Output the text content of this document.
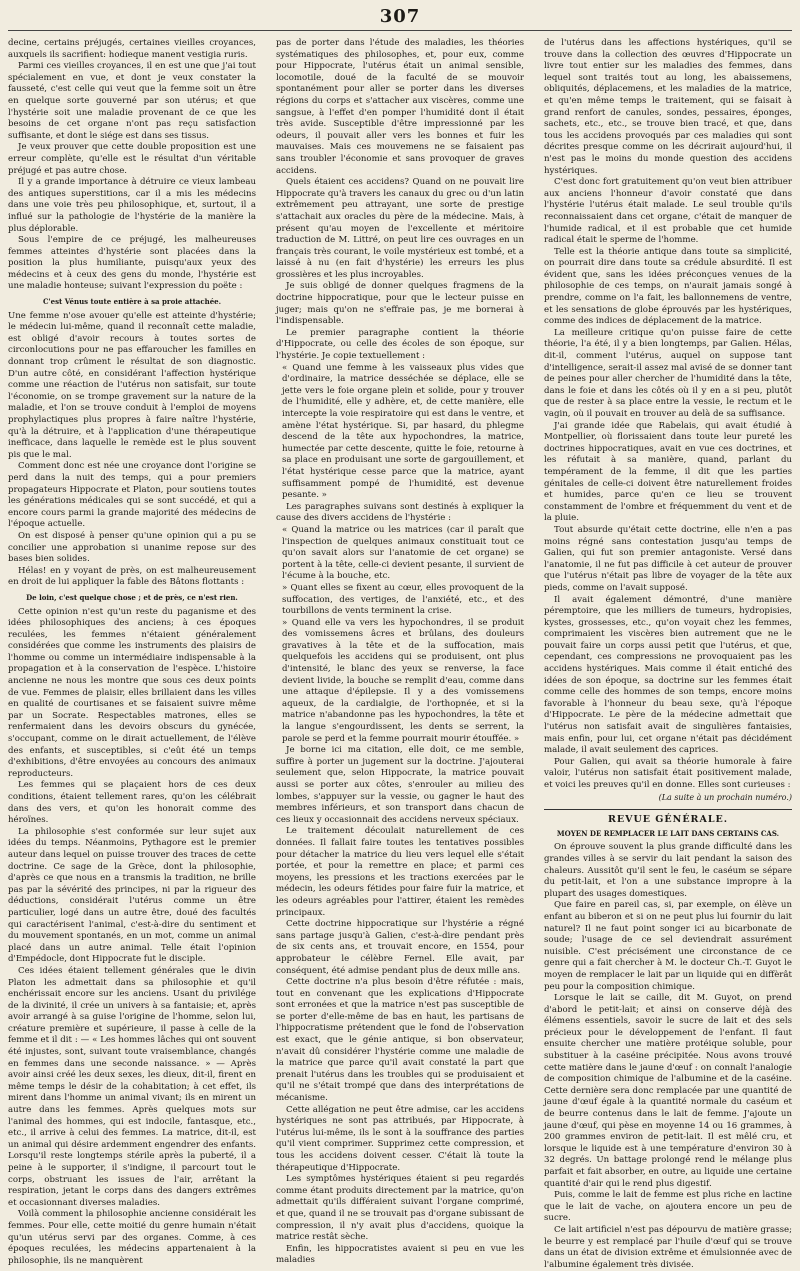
307

decine, certains préjugés, certaines vieilles croyances, auxquels ils sacrifient: hodieque manent vestigia ruris.

Parmi ces vieilles croyances, il en est une que j'ai tout spécialement en vue, et dont je veux constater la fausseté, c'est celle qui veut que la femme soit un être en quelque sorte gouverné par son utérus; et que l'hystérie soit une maladie provenant de ce que les besoins de cet organe n'ont pas reçu satisfaction suffisante, et dont le siége est dans ses tissus.

Je veux prouver que cette double proposition est une erreur complète, qu'elle est le résultat d'un véritable préjugé et pas autre chose.

Il y a grande importance à détruire ce vieux lambeau des antiques superstitions, car il a mis les médecins dans une voie très peu philosophique, et, surtout, il a influé sur la pathologie de l'hystérie de la manière la plus déplorable.

Sous l'empire de ce préjugé, les malheureuses femmes atteintes d'hystérie sont placées dans la position la plus humiliante, puisqu'aux yeux des médecins et à ceux des gens du monde, l'hystérie est une maladie honteuse; suivant l'expression du poëte :

C'est Vénus toute entière à sa proie attachée.

Une femme n'ose avouer qu'elle est atteinte d'hystérie; le médecin lui-même, quand il reconnaît cette maladie, est obligé d'avoir recours à toutes sortes de circonlocutions pour ne pas effaroucher les familles en donnant trop crûment le résultat de son diagnostic. D'un autre côté, en considérant l'affection hystérique comme une réaction de l'utérus non satisfait, sur toute l'économie, on se trompe gravement sur la nature de la maladie, et l'on se trouve conduit à l'emploi de moyens prophylactiques plus propres à faire naître l'hystérie, qu'à la détruire, et à l'application d'une thérapeutique inefficace, dans laquelle le remède est le plus souvent pis que le mal.

Comment donc est née une croyance dont l'origine se perd dans la nuit des temps, qui a pour premiers propagateurs Hippocrate et Platon, pour soutiens toutes les générations médicales qui se sont succédé, et qui a encore cours parmi la grande majorité des médecins de l'époque actuelle.

On est disposé à penser qu'une opinion qui a pu se concilier une approbation si unanime repose sur des bases bien solides.

Hélas! en y voyant de près, on est malheureusement en droit de lui appliquer la fable des Bâtons flottants :

De loin, c'est quelque chose ; et de près, ce n'est rien.

Cette opinion n'est qu'un reste du paganisme et des idées philosophiques des anciens; à ces époques reculées, les femmes n'étaient généralement considérées que comme les instruments des plaisirs de l'homme ou comme un intermédiaire indispensable à la propagation et à la conservation de l'espèce. L'histoire ancienne ne nous les montre que sous ces deux points de vue. Femmes de plaisir, elles brillaient dans les villes en qualité de courtisanes et se faisaient suivre même par un Socrate. Respectables matrones, elles se renfermaient dans les devoirs obscurs du gynécée, s'occupant, comme on le dirait actuellement, de l'élève des enfants, et susceptibles, si c'eût été un temps d'exhibitions, d'être envoyées au concours des animaux reproducteurs.

Les femmes qui se plaçaient hors de ces deux conditions, étaient tellement rares, qu'on les célébrait dans des vers, et qu'on les honorait comme des héroïnes.

La philosophie s'est conformée sur leur sujet aux idées du temps. Néanmoins, Pythagore est le premier auteur dans lequel on puisse trouver des traces de cette doctrine. Ce sage de la Grèce, dont la philosophie, d'après ce que nous en a transmis la tradition, ne brille pas par la sévérité des principes, ni par la rigueur des déductions, considérait l'utérus comme un être particulier, logé dans un autre être, doué des facultés qui caractérisent l'animal, c'est-à-dire du sentiment et du mouvement spontanés, en un mot, comme un animal placé dans un autre animal. Telle était l'opinion d'Empédocle, dont Hippocrate fut le disciple.

Ces idées étaient tellement générales que le divin Platon les admettait dans sa philosophie et qu'il enchérissait encore sur les anciens. Usant du privilége de la divinité, il crée un univers à sa fantaisie; et, après avoir arrangé à sa guise l'origine de l'homme, selon lui, créature première et supérieure, il passe à celle de la femme et il dit : — « Les hommes lâches qui ont souvent été injustes, sont, suivant toute vraisemblance, changés en femmes dans une seconde naissance. » — Après avoir ainsi créé les deux sexes, les dieux, dit-il, firent en même temps le désir de la cohabitation; à cet effet, ils mirent dans l'homme un animal vivant; ils en mirent un autre dans les femmes. Après quelques mots sur l'animal des hommes, qui est indocile, fantasque, etc., etc., il arrive à celui des femmes. La matrice, dit-il, est un animal qui désire ardemment engendrer des enfants. Lorsqu'il reste longtemps stérile après la puberté, il a peine à le supporter, il s'indigne, il parcourt tout le corps, obstruant les issues de l'air, arrêtant la respiration, jetant le corps dans des dangers extrêmes et occasionnant diverses maladies.

Voilà comment la philosophie ancienne considérait les femmes. Pour elle, cette moitié du genre humain n'était qu'un utérus servi par des organes. Comme, à ces époques reculées, les médecins appartenaient à la philosophie, ils ne manquèrent

pas de porter dans l'étude des maladies, les théories systématiques des philosophes, et, pour eux, comme pour Hippocrate, l'utérus était un animal sensible, locomotile, doué de la faculté de se mouvoir spontanément pour aller se porter dans les diverses régions du corps et s'attacher aux viscères, comme une sangsue, à l'effet d'en pomper l'humidité dont il était très avide. Susceptible d'être impressionné par les odeurs, il pouvait aller vers les bonnes et fuir les mauvaises. Mais ces mouvemens ne se faisaient pas sans troubler l'économie et sans provoquer de graves accidens.

Quels étaient ces accidens? Quand on ne pouvait lire Hippocrate qu'à travers les canaux du grec ou d'un latin extrêmement peu attrayant, une sorte de prestige s'attachait aux oracles du père de la médecine. Mais, à présent qu'au moyen de l'excellente et méritoire traduction de M. Littré, on peut lire ces ouvrages en un français très courant, le voile mystérieux est tombé, et a laissé à nu (en fait d'hystérie) les erreurs les plus grossières et les plus incroyables.

Je suis obligé de donner quelques fragmens de la doctrine hippocratique, pour que le lecteur puisse en juger; mais qu'on ne s'effraie pas, je me bornerai à l'indispensable.

Le premier paragraphe contient la théorie d'Hippocrate, ou celle des écoles de son époque, sur l'hystérie. Je copie textuellement :

« Quand une femme à les vaisseaux plus vides que d'ordinaire, la matrice desséchée se déplace, elle se jette vers le foie organe plein et solide, pour y trouver de l'humidité, elle y adhère, et, de cette manière, elle intercepte la voie respiratoire qui est dans le ventre, et amène l'état hystérique. Si, par hasard, du phlegme descend de la tête aux hypochondres, la matrice, humectée par cette descente, quitte le foie, retourne à sa place en produisant une sorte de gargouillement, et l'état hystérique cesse parce que la matrice, ayant suffisamment pompé de l'humidité, est devenue pesante. »

Les paragraphes suivans sont destinés à expliquer la cause des divers accidens de l'hystérie :

« Quand la matrice ou les matrices (car il paraît que l'inspection de quelques animaux constituait tout ce qu'on savait alors sur l'anatomie de cet organe) se portent à la tête, celle-ci devient pesante, il survient de l'écume à la bouche, etc.

» Quant elles se fixent au cœur, elles provoquent de la suffocation, des vertiges, de l'anxiété, etc., et des tourbillons de vents terminent la crise.

» Quand elle va vers les hypochondres, il se produit des vomissemens âcres et brûlans, des douleurs gravatives à la tête et de la suffocation, mais quelquefois les accidens qui se produisent, ont plus d'intensité, le blanc des yeux se renverse, la face devient livide, la bouche se remplit d'eau, comme dans une attaque d'épilepsie. Il y a des vomissemens aqueux, de la cardialgie, de l'orthopnée, et si la matrice n'abandonne pas les hypochondres, la tête et la langue s'engourdissent, les dents se serrent, la parole se perd et la femme pourrait mourir étouffée. »

Je borne ici ma citation, elle doit, ce me semble, suffire à porter un jugement sur la doctrine. J'ajouterai seulement que, selon Hippocrate, la matrice pouvait aussi se porter aux côtes, s'enrouler au milieu des lombes, s'appuyer sur la vessie, ou gagner le haut des membres inférieurs, et son transport dans chacun de ces lieux y occasionnait des accidens nerveux spéciaux.

Le traitement découlait naturellement de ces données. Il fallait faire toutes les tentatives possibles pour détacher la matrice du lieu vers lequel elle s'était portée, et pour la remettre en place; et parmi ces moyens, les pressions et les tractions exercées par le médecin, les odeurs fétides pour faire fuir la matrice, et les odeurs agréables pour l'attirer, étaient les remèdes principaux.

Cette doctrine hippocratique sur l'hystérie a régné sans partage jusqu'à Galien, c'est-à-dire pendant près de six cents ans, et trouvait encore, en 1554, pour approbateur le célèbre Fernel. Elle avait, par conséquent, été admise pendant plus de deux mille ans.

Cette doctrine n'a plus besoin d'être réfutée : mais, tout en convenant que les explications d'Hippocrate sont erronées et que la matrice n'est pas susceptible de se porter d'elle-même de bas en haut, les partisans de l'hippocratisme prétendent que le fond de l'observation est exact, que le génie antique, si bon observateur, n'avait dû considérer l'hystérie comme une maladie de la matrice que parce qu'il avait constaté la part que prenait l'utérus dans les troubles qui se produisaient et qu'il ne s'était trompé que dans des interprétations de mécanisme.

Cette allégation ne peut être admise, car les accidens hystériques ne sont pas attribués, par Hippocrate, à l'utérus lui-même, ils le sont à la souffrance des parties qu'il vient comprimer. Supprimez cette compression, et tous les accidens doivent cesser. C'était là toute la thérapeutique d'Hippocrate.

Les symptômes hystériques étaient si peu regardés comme étant produits directement par la matrice, qu'on admettait qu'ils différaient suivant l'organe comprimé, et que, quand il ne se trouvait pas d'organe subissant de compression, il n'y avait plus d'accidens, quoique la matrice restât sèche.

Enfin, les hippocratistes avaient si peu en vue les maladies

de l'utérus dans les affections hystériques, qu'il se trouve dans la collection des œuvres d'Hippocrate un livre tout entier sur les maladies des femmes, dans lequel sont traités tout au long, les abaissemens, obliquités, déplacemens, et les maladies de la matrice, et qu'en même temps le traitement, qui se faisait à grand renfort de canules, sondes, pessaires, éponges, sachets, etc., etc., se trouve bien tracé, et que, dans tous les accidens provoqués par ces maladies qui sont décrites presque comme on les décrirait aujourd'hui, il n'est pas le moins du monde question des accidens hystériques.

C'est donc fort gratuitement qu'on veut bien attribuer aux anciens l'honneur d'avoir constaté que dans l'hystérie l'utérus était malade. Le seul trouble qu'ils reconnaissaient dans cet organe, c'était de manquer de l'humide radical, et il est probable que cet humide radical était le sperme de l'homme.

Telle est la théorie antique dans toute sa simplicité, on pourrait dire dans toute sa crédule absurdité. Il est évident que, sans les idées préconçues venues de la philosophie de ces temps, on n'aurait jamais songé à prendre, comme on l'a fait, les ballonnemens de ventre, et les sensations de globe éprouvés par les hystériques, comme des indices de déplacement de la matrice.

La meilleure critique qu'on puisse faire de cette théorie, l'a été, il y a bien longtemps, par Galien. Hélas, dit-il, comment l'utérus, auquel on suppose tant d'intelligence, serait-il assez mal avisé de se donner tant de peines pour aller chercher de l'humidité dans la tête, dans le foie et dans les côtés où il y en a si peu, plutôt que de rester à sa place entre la vessie, le rectum et le vagin, où il pouvait en trouver au delà de sa suffisance.

J'ai grande idée que Rabelais, qui avait étudié à Montpellier, où florissaient dans toute leur pureté les doctrines hippocratiques, avait en vue ces doctrines, et les réfutait à sa manière, quand, parlant du tempérament de la femme, il dit que les parties génitales de celle-ci doivent être naturellement froides et humides, parce qu'en ce lieu se trouvent constamment de l'ombre et fréquemment du vent et de la pluie.

Tout absurde qu'était cette doctrine, elle n'en a pas moins régné sans contestation jusqu'au temps de Galien, qui fut son premier antagoniste. Versé dans l'anatomie, il ne fut pas difficile à cet auteur de prouver que l'utérus n'était pas libre de voyager de la tête aux pieds, comme on l'avait supposé.

Il avait également démontré, d'une manière péremptoire, que les milliers de tumeurs, hydropisies, kystes, grossesses, etc., qu'on voyait chez les femmes, comprimaient les viscères bien autrement que ne le pouvait faire un corps aussi petit que l'utérus, et que, cependant, ces compressions ne provoquaient pas les accidens hystériques. Mais comme il était entiché des idées de son époque, sa doctrine sur les femmes était comme celle des hommes de son temps, encore moins favorable à l'honneur du beau sexe, qu'à l'époque d'Hippocrate. Le père de la médecine admettait que l'utérus non satisfait avait de singulières fantaisies, mais enfin, pour lui, cet organe n'était pas décidément malade, il avait seulement des caprices.

Pour Galien, qui avait sa théorie humorale à faire valoir, l'utérus non satisfait était positivement malade, et voici les preuves qu'il en donne. Elles sont curieuses :

(La suite à un prochain numéro.)

REVUE GÉNÉRALE.
MOYEN DE REMPLACER LE LAIT DANS CERTAINS CAS.

On éprouve souvent la plus grande difficulté dans les grandes villes à se servir du lait pendant la saison des chaleurs. Aussitôt qu'il sent le feu, le caséum se sépare du petit-lait, et l'on a une substance impropre à la plupart des usages domestiques.

Que faire en pareil cas, si, par exemple, on élève un enfant au biberon et si on ne peut plus lui fournir du lait naturel? Il ne faut point songer ici au bicarbonate de soude; l'usage de ce sel deviendrait assurément nuisible. C'est précisément une circonstance de ce genre qui a fait chercher à M. le docteur Ch.-T. Guyot le moyen de remplacer le lait par un liquide qui en diffèrât peu pour la composition chimique.

Lorsque le lait se caille, dit M. Guyot, on prend d'abord le petit-lait; et ainsi on conserve déjà des élémens essentiels, savoir le sucre de lait et des sels précieux pour le développement de l'enfant. Il faut ensuite chercher une matière protéique soluble, pour substituer à la caséine précipitée. Nous avons trouvé cette matière dans le jaune d'œuf : on connaît l'analogie de composition chimique de l'albumine et de la caséine. Cette dernière sera donc remplacée par une quantité de jaune d'œuf égale à la quantité normale du caséum et de beurre contenus dans le lait de femme. J'ajoute un jaune d'œuf, qui pèse en moyenne 14 ou 16 grammes, à 200 grammes environ de petit-lait. Il est mêlé cru, et lorsque le liquide est à une température d'environ 30 à 32 degrés. Un battage prolongé rend le mélange plus parfait et fait absorber, en outre, au liquide une certaine quantité d'air qui le rend plus digestif.

Puis, comme le lait de femme est plus riche en lactine que le lait de vache, on ajoutera encore un peu de sucre.

Ce lait artificiel n'est pas dépourvu de matière grasse; le beurre y est remplacé par l'huile d'œuf qui se trouve dans un état de division extrême et émulsionnée avec de l'albumine également très divisée.
